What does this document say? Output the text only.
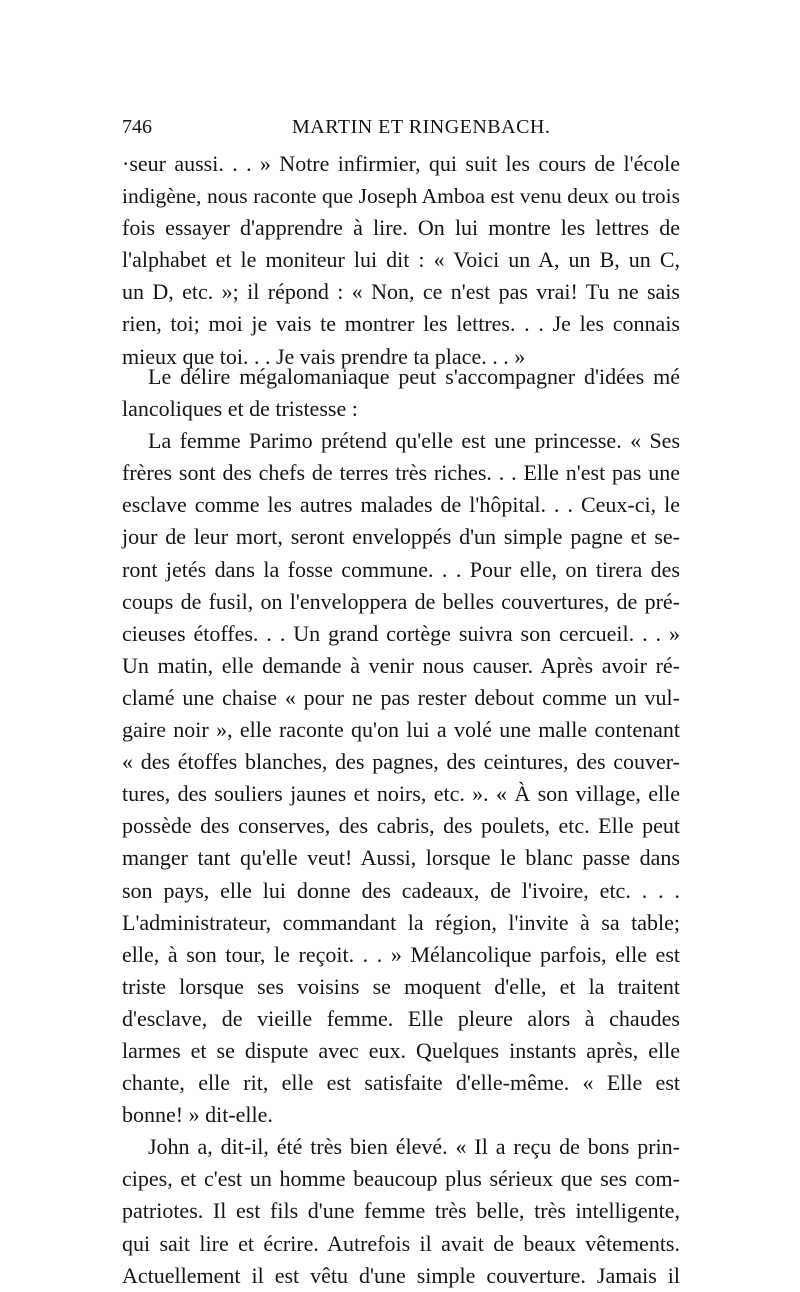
746	MARTIN ET RINGENBACH.
·seur aussi. . . » Notre infirmier, qui suit les cours de l'école
indigène, nous raconte que Joseph Amboa est venu deux ou trois
fois essayer d'apprendre à lire. On lui montre les lettres de
l'alphabet et le moniteur lui dit : « Voici un A, un B, un C,
un D, etc. »; il répond : « Non, ce n'est pas vrai! Tu ne sais
rien, toi; moi je vais te montrer les lettres. . . Je les connais
mieux que toi. . . Je vais prendre ta place. . . »
Le délire mégalomaniaque peut s'accompagner d'idées mé
lancoliques et de tristesse :
La femme Parimo prétend qu'elle est une princesse. « Ses
frères sont des chefs de terres très riches. . . Elle n'est pas une
esclave comme les autres malades de l'hôpital. . . Ceux-ci, le
jour de leur mort, seront enveloppés d'un simple pagne et se-
ront jetés dans la fosse commune. . . Pour elle, on tirera des
coups de fusil, on l'enveloppera de belles couvertures, de pré-
cieuses étoffes. . . Un grand cortège suivra son cercueil. . . »
Un matin, elle demande à venir nous causer. Après avoir ré-
clamé une chaise « pour ne pas rester debout comme un vul-
gaire noir », elle raconte qu'on lui a volé une malle contenant
« des étoffes blanches, des pagnes, des ceintures, des couver-
tures, des souliers jaunes et noirs, etc. ». « À son village, elle
possède des conserves, des cabris, des poulets, etc. Elle peut
manger tant qu'elle veut! Aussi, lorsque le blanc passe dans
son pays, elle lui donne des cadeaux, de l'ivoire, etc. . . .
L'administrateur, commandant la région, l'invite à sa table;
elle, à son tour, le reçoit. . . » Mélancolique parfois, elle est
triste lorsque ses voisins se moquent d'elle, et la traitent
d'esclave, de vieille femme. Elle pleure alors à chaudes
larmes et se dispute avec eux. Quelques instants après, elle
chante, elle rit, elle est satisfaite d'elle-même. « Elle est
bonne! » dit-elle.
John a, dit-il, été très bien élevé. « Il a reçu de bons prin-
cipes, et c'est un homme beaucoup plus sérieux que ses com-
patriotes. Il est fils d'une femme très belle, très intelligente,
qui sait lire et écrire. Autrefois il avait de beaux vêtements.
Actuellement il est vêtu d'une simple couverture. Jamais il
